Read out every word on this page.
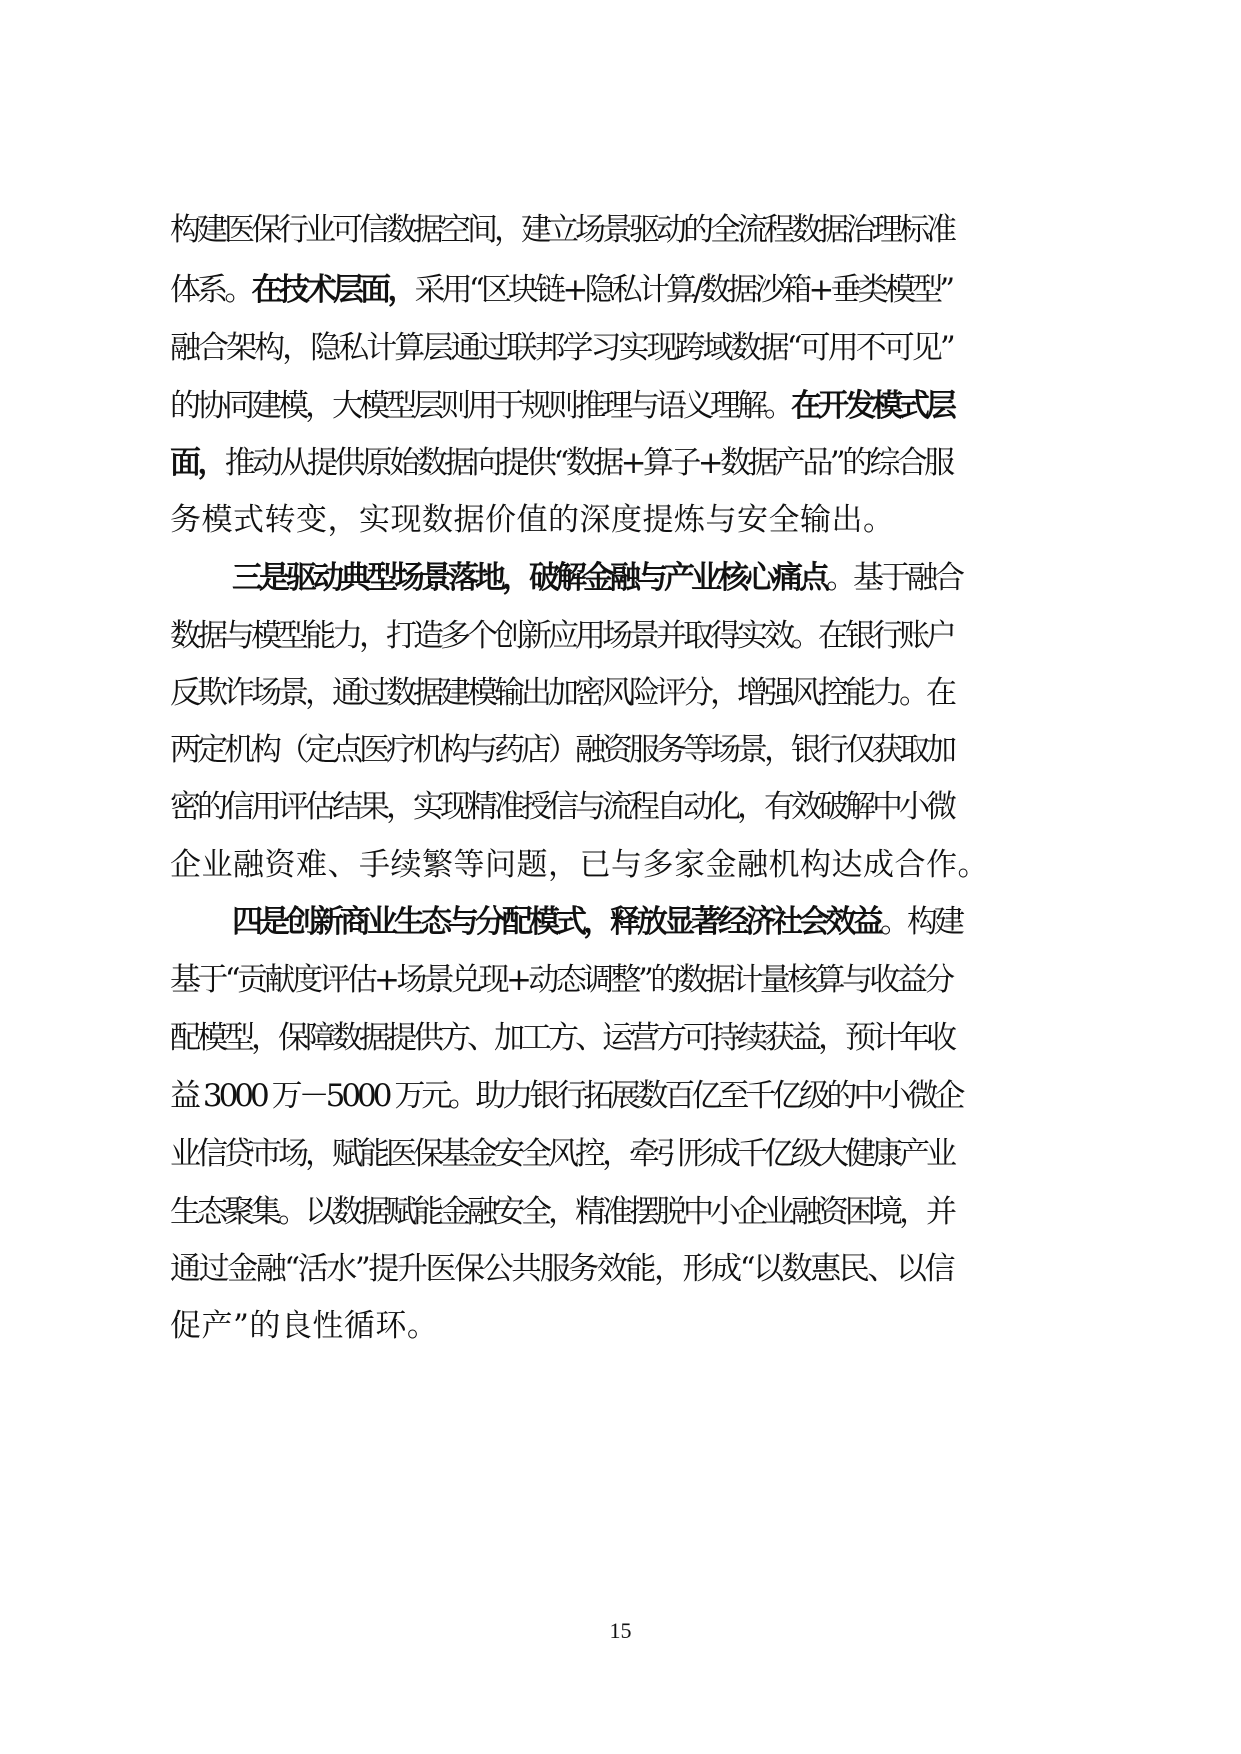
构建医保行业可信数据空间，建立场景驱动的全流程数据治理标准
体系。在技术层面，采用“区块链+隐私计算/数据沙箱+垂类模型”
融合架构，隐私计算层通过联邦学习实现跨域数据“可用不可见”
的协同建模，大模型层则用于规则推理与语义理解。在开发模式层
面，推动从提供原始数据向提供“数据+算子+数据产品”的综合服
务模式转变，实现数据价值的深度提炼与安全输出。
三是驱动典型场景落地，破解金融与产业核心痛点。基于融合
数据与模型能力，打造多个创新应用场景并取得实效。在银行账户
反欺诈场景，通过数据建模输出加密风险评分，增强风控能力。在
两定机构（定点医疗机构与药店）融资服务等场景，银行仅获取加
密的信用评估结果，实现精准授信与流程自动化，有效破解中小微
企业融资难、手续繁等问题，已与多家金融机构达成合作。
四是创新商业生态与分配模式，释放显著经济社会效益。构建
基于“贡献度评估+场景兑现+动态调整”的数据计量核算与收益分
配模型，保障数据提供方、加工方、运营方可持续获益，预计年收
益 3000 万－5000 万元。助力银行拓展数百亿至千亿级的中小微企
业信贷市场，赋能医保基金安全风控，牵引形成千亿级大健康产业
生态聚集。以数据赋能金融安全，精准摆脱中小企业融资困境，并
通过金融“活水”提升医保公共服务效能，形成“以数惠民、以信
促产”的良性循环。
15
